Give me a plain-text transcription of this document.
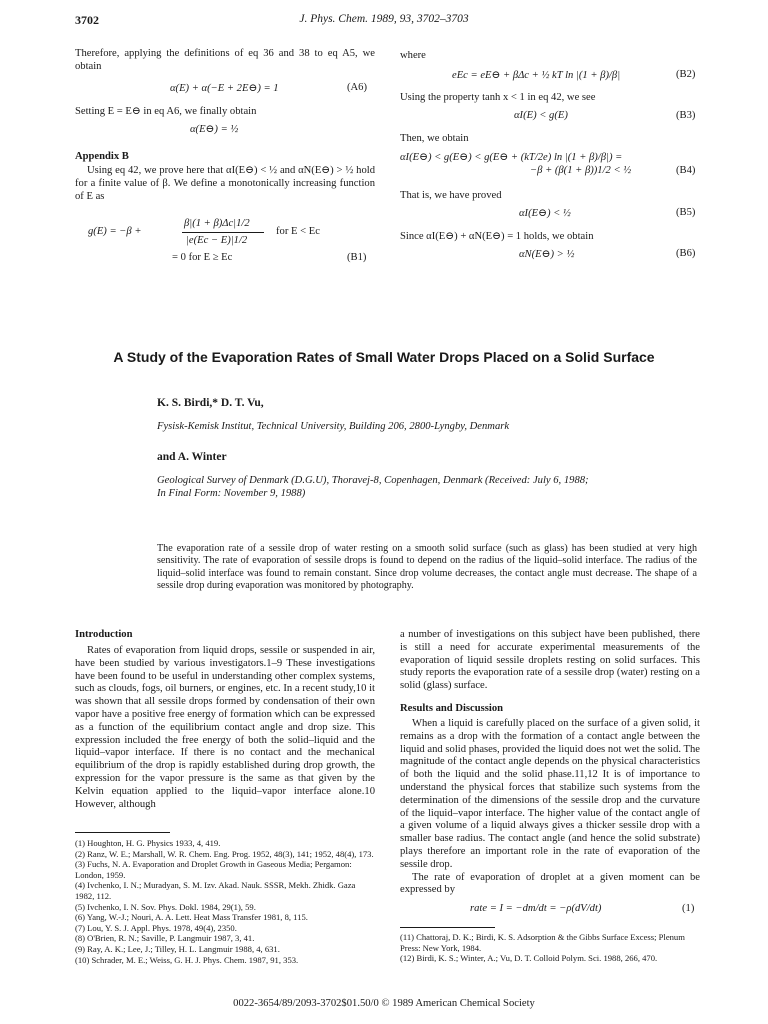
3702	J. Phys. Chem. 1989, 93, 3702–3703

Therefore, applying the definitions of eq 36 and 38 to eq A5, we obtain

α(E) + α(−E + 2E⊖) = 1	(A6)

Setting E = E⊖ in eq A6, we finally obtain

α(E⊖) = ½
Appendix B

Using eq 42, we prove here that αI(E⊖) < ½ and αN(E⊖) > ½ hold for a finite value of β. We define a monotonically increasing function of E as

g(E) = −β +
β|(1 + β)Δc|1/2
|e(Ec − E)|1/2
for E < Ec
= 0 for E ≥ Ec	(B1)
where
eEc = eE⊖ + βΔc + ½ kT ln |(1 + β)/β|	(B2)
Using the property tanh x < 1 in eq 42, we see
αI(E) < g(E)	(B3)
Then, we obtain
αI(E⊖) < g(E⊖) < g(E⊖ + (kT/2e) ln |(1 + β)/β|) =
−β + (β(1 + β))1/2 < ½	(B4)
That is, we have proved
αI(E⊖) < ½	(B5)
Since αI(E⊖) + αN(E⊖) = 1 holds, we obtain
αN(E⊖) > ½	(B6)
A Study of the Evaporation Rates of Small Water Drops Placed on a Solid Surface
K. S. Birdi,* D. T. Vu,
Fysisk-Kemisk Institut, Technical University, Building 206, 2800-Lyngby, Denmark
and A. Winter
Geological Survey of Denmark (D.G.U), Thoravej-8, Copenhagen, Denmark (Received: July 6, 1988;
In Final Form: November 9, 1988)
The evaporation rate of a sessile drop of water resting on a smooth solid surface (such as glass) has been studied at very high sensitivity. The rate of evaporation of sessile drops is found to depend on the radius of the liquid–solid interface. The radius of the liquid–solid interface was found to remain constant. Since drop volume decreases, the contact angle must decrease. The shape of a sessile drop during evaporation was monitored by photography.
Introduction

Rates of evaporation from liquid drops, sessile or suspended in air, have been studied by various investigators.1–9 These investigations have been found to be useful in understanding other complex systems, such as clouds, fogs, oil burners, or engines, etc. In a recent study,10 it was shown that all sessile drops formed by condensation of their own vapor have a positive free energy of formation which can be expressed as a function of the equilibrium contact angle and drop size. This expression included the free energy of both the solid–liquid and the liquid–vapor interface. If there is no contact and the mechanical equilibrium of the drop is rapidly established during drop growth, the expression for the vapor pressure is the same as that given by the Kelvin equation applied to the liquid–vapor interface alone.10 However, although

(1) Houghton, H. G. Physics 1933, 4, 419.

(2) Ranz, W. E.; Marshall, W. R. Chem. Eng. Prog. 1952, 48(3), 141; 1952, 48(4), 173.

(3) Fuchs, N. A. Evaporation and Droplet Growth in Gaseous Media; Pergamon: London, 1959.

(4) Ivchenko, I. N.; Muradyan, S. M. Izv. Akad. Nauk. SSSR, Mekh. Zhidk. Gaza 1982, 112.

(5) Ivchenko, I. N. Sov. Phys. Dokl. 1984, 29(1), 59.

(6) Yang, W.-J.; Nouri, A. A. Lett. Heat Mass Transfer 1981, 8, 115.

(7) Lou, Y. S. J. Appl. Phys. 1978, 49(4), 2350.

(8) O'Brien, R. N.; Saville, P. Langmuir 1987, 3, 41.

(9) Ray, A. K.; Lee, J.; Tilley, H. L. Langmuir 1988, 4, 631.

(10) Schrader, M. E.; Weiss, G. H. J. Phys. Chem. 1987, 91, 353.

a number of investigations on this subject have been published, there is still a need for accurate experimental measurements of the evaporation of liquid sessile droplets resting on solid surfaces. This study reports the evaporation rate of a sessile drop (water) resting on a solid (glass) surface.

Results and Discussion

When a liquid is carefully placed on the surface of a given solid, it remains as a drop with the formation of a contact angle between the liquid and solid phases, provided the liquid does not wet the solid. The magnitude of the contact angle depends on the physical characteristics of both the liquid and the solid phase.11,12 It is of importance to understand the physical forces that stabilize such systems from the determination of the dimensions of the sessile drop and the curvature of the liquid–vapor interface. The higher value of the contact angle of a given volume of a liquid always gives a thicker sessile drop with a smaller base radius. The contact angle (and hence the solid substrate) plays therefore an important role in the rate of evaporation of the sessile drop.

The rate of evaporation of droplet at a given moment can be expressed by

rate = I = −dm/dt = −ρ(dV/dt)	(1)

(11) Chattoraj, D. K.; Birdi, K. S. Adsorption & the Gibbs Surface Excess; Plenum Press: New York, 1984.

(12) Birdi, K. S.; Winter, A.; Vu, D. T. Colloid Polym. Sci. 1988, 266, 470.

0022-3654/89/2093-3702$01.50/0 © 1989 American Chemical Society
